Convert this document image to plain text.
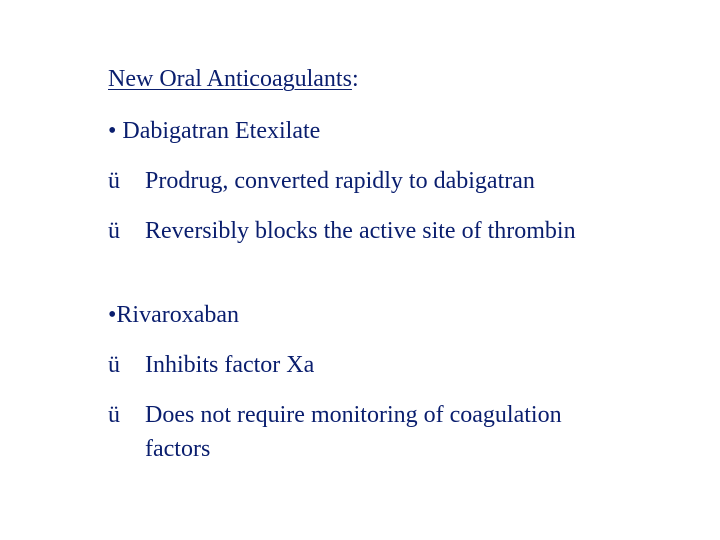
New Oral Anticoagulants:
• Dabigatran Etexilate
ü Prodrug, converted rapidly to dabigatran
ü Reversibly blocks the active site of thrombin
•Rivaroxaban
ü Inhibits factor Xa
ü Does not require monitoring of coagulation factors
